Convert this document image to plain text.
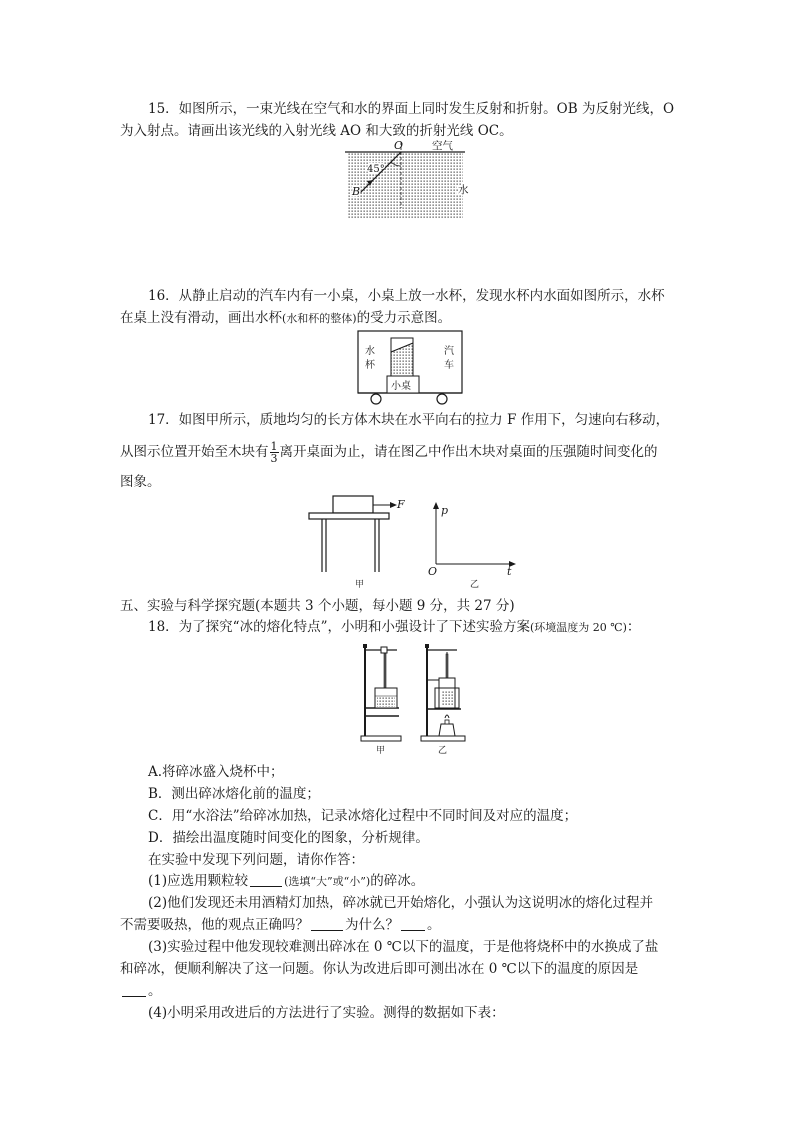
15．如图所示，一束光线在空气和水的界面上同时发生反射和折射。OB 为反射光线，O
为入射点。请画出该光线的入射光线 AO 和大致的折射光线 OC。
O
45°
B
空气
水
16．从静止启动的汽车内有一小桌，小桌上放一水杯，发现水杯内水面如图所示，水杯
在桌上没有滑动，画出水杯(水和杯的整体)的受力示意图。
小桌
水
杯
汽
车
17．如图甲所示，质地均匀的长方体木块在水平向右的拉力 F 作用下，匀速向右移动，
从图示位置开始至木块有 $\frac{1}{3}$ 离开桌面为止，请在图乙中作出木块对桌面的压强随时间变化的
图象。
F
甲
p
t
O
乙
五、实验与科学探究题(本题共 3 个小题，每小题 9 分，共 27 分)
18．为了探究“冰的熔化特点”，小明和小强设计了下述实验方案(环境温度为 20 ℃)：
甲	乙
A.将碎冰盛入烧杯中；
B．测出碎冰熔化前的温度；
C．用“水浴法”给碎冰加热，记录冰熔化过程中不同时间及对应的温度；
D．描绘出温度随时间变化的图象，分析规律。
在实验中发现下列问题，请你作答：
(1)应选用颗粒较	(选填“大”或“小”)的碎冰。
(2)他们发现还未用酒精灯加热，碎冰就已开始熔化，小强认为这说明冰的熔化过程并
不需要吸热，他的观点正确吗？	为什么？ 。
(3)实验过程中他发现较难测出碎冰在 0 ℃以下的温度，于是他将烧杯中的水换成了盐
和碎冰，便顺利解决了这一问题。你认为改进后即可测出冰在 0 ℃以下的温度的原因是
。
(4)小明采用改进后的方法进行了实验。测得的数据如下表：
